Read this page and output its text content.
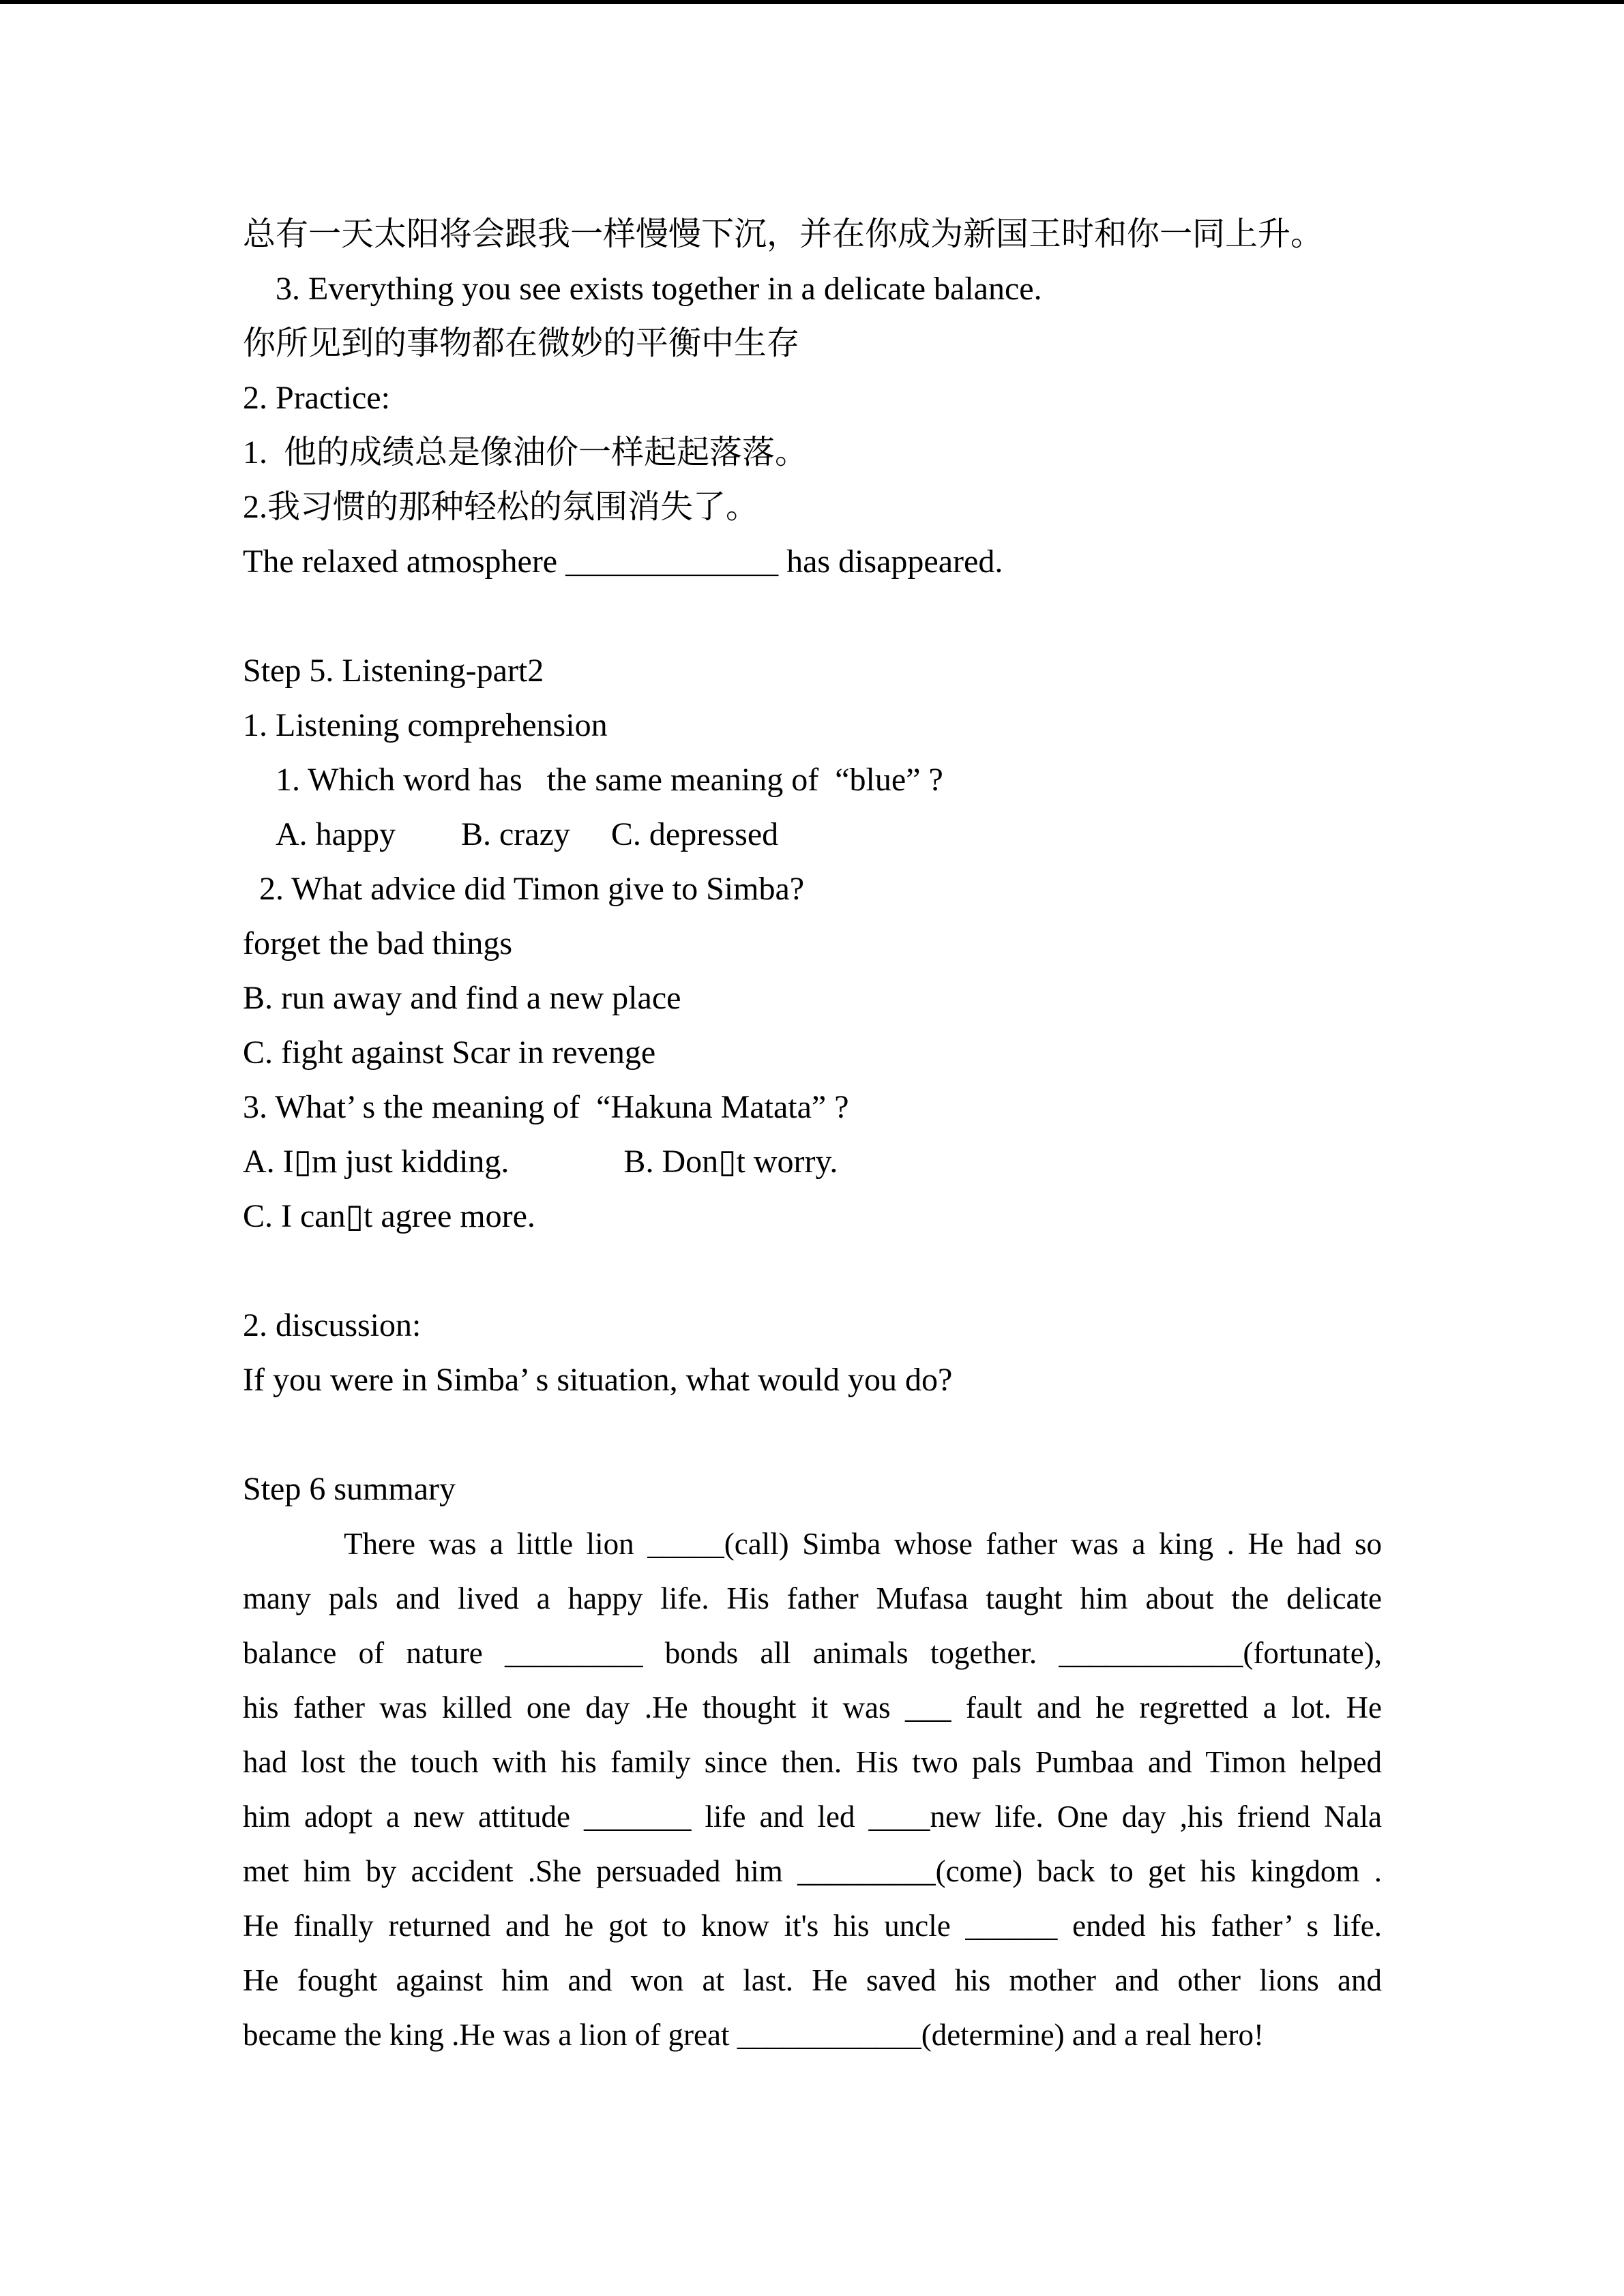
总有一天太阳将会跟我一样慢慢下沉，并在你成为新国王时和你一同上升。
3. Everything you see exists together in a delicate balance.
你所见到的事物都在微妙的平衡中生存
2. Practice:
1.  他的成绩总是像油价一样起起落落。
2.我习惯的那种轻松的氛围消失了。
The relaxed atmosphere _____________ has disappeared.
Step 5. Listening-part2
1. Listening comprehension
1. Which word has   the same meaning of  “blue” ?
A. happy        B. crazy     C. depressed
2. What advice did Timon give to Simba?
forget the bad things
B. run away and find a new place
C. fight against Scar in revenge
3. What’ s the meaning of  “Hakuna Matata” ?
A. I▯m just kidding.              B. Don▯t worry.
C. I can▯t agree more.
2. discussion:
If you were in Simba’ s situation, what would you do?
Step 6 summary
There was a little lion _____(call) Simba whose father was a king . He had so
many pals and lived a happy life. His father Mufasa taught him about the delicate
balance of nature _________ bonds all animals together. ____________(fortunate),
his father was killed one day .He thought it was ___ fault and he regretted a lot. He
had lost the touch with his family since then. His two pals Pumbaa and Timon helped
him adopt a new attitude _______ life and led ____new life. One day ,his friend Nala
met him by accident .She persuaded him _________(come) back to get his kingdom .
He finally returned and he got to know it's his uncle ______ ended his father’ s life.
He fought against him and won at last. He saved his mother and other lions and
became the king .He was a lion of great ____________(determine) and a real hero!
